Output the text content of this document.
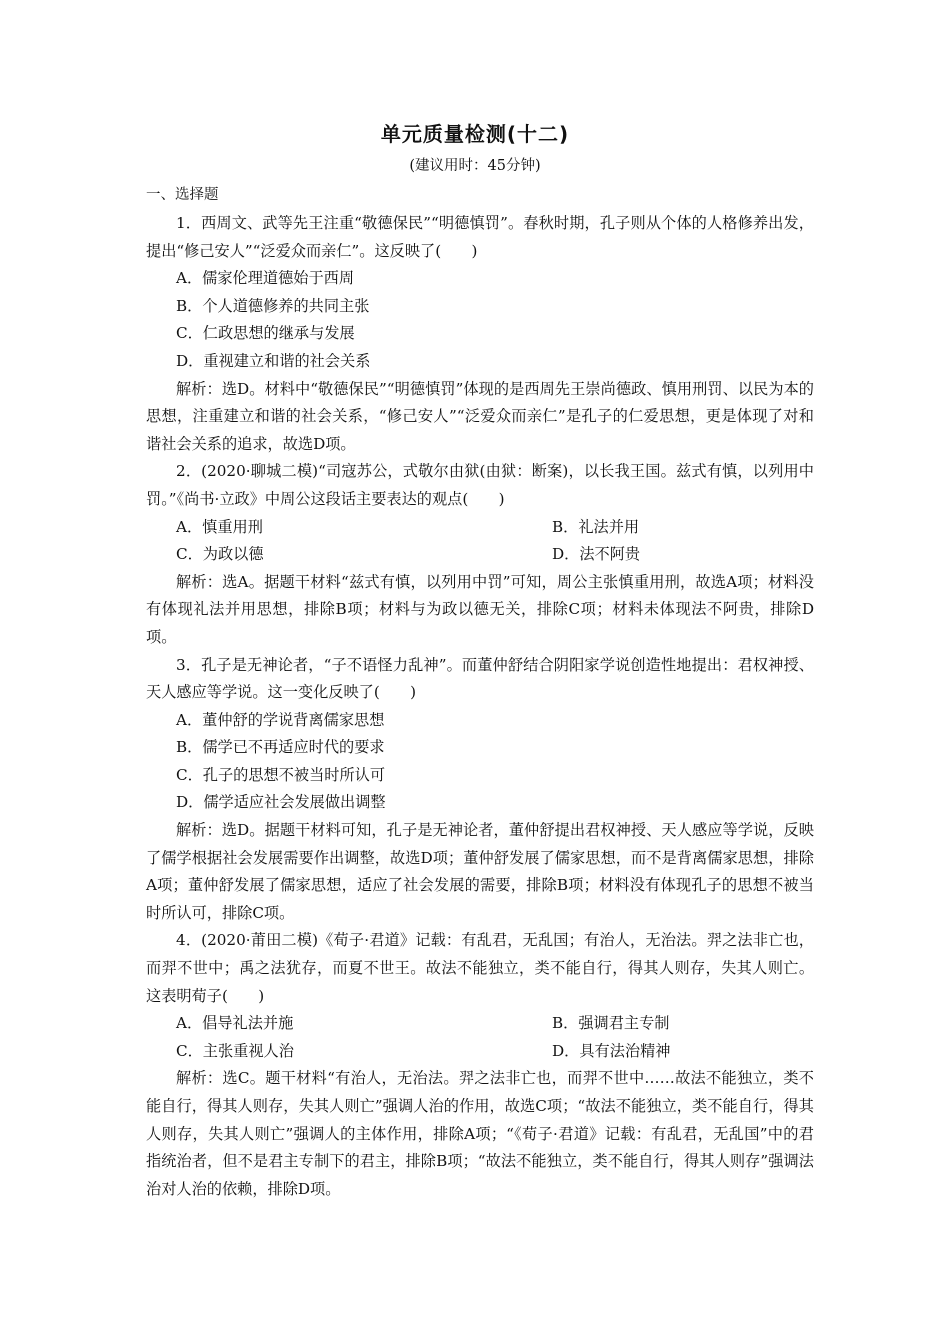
单元质量检测(十二)
(建议用时：45分钟)
一、选择题

1．西周文、武等先王注重“敬德保民”“明德慎罚”。春秋时期，孔子则从个体的人格修养出发，提出“修己安人”“泛爱众而亲仁”。这反映了(　　)

A．儒家伦理道德始于西周

B．个人道德修养的共同主张

C．仁政思想的继承与发展

D．重视建立和谐的社会关系

解析：选D。材料中“敬德保民”“明德慎罚”体现的是西周先王崇尚德政、慎用刑罚、以民为本的思想，注重建立和谐的社会关系，“修己安人”“泛爱众而亲仁”是孔子的仁爱思想，更是体现了对和谐社会关系的追求，故选D项。

2．(2020·聊城二模)“司寇苏公，式敬尔由狱(由狱：断案)，以长我王国。兹式有慎，以列用中罚。”《尚书·立政》中周公这段话主要表达的观点(　　)

A．慎重用刑	B．礼法并用
C．为政以德	D．法不阿贵

解析：选A。据题干材料“兹式有慎，以列用中罚”可知，周公主张慎重用刑，故选A项；材料没有体现礼法并用思想，排除B项；材料与为政以德无关，排除C项；材料未体现法不阿贵，排除D项。

3．孔子是无神论者，“子不语怪力乱神”。而董仲舒结合阴阳家学说创造性地提出：君权神授、天人感应等学说。这一变化反映了(　　)

A．董仲舒的学说背离儒家思想

B．儒学已不再适应时代的要求

C．孔子的思想不被当时所认可

D．儒学适应社会发展做出调整

解析：选D。据题干材料可知，孔子是无神论者，董仲舒提出君权神授、天人感应等学说，反映了儒学根据社会发展需要作出调整，故选D项；董仲舒发展了儒家思想，而不是背离儒家思想，排除A项；董仲舒发展了儒家思想，适应了社会发展的需要，排除B项；材料没有体现孔子的思想不被当时所认可，排除C项。

4．(2020·莆田二模)《荀子·君道》记载：有乱君，无乱国；有治人，无治法。羿之法非亡也，而羿不世中；禹之法犹存，而夏不世王。故法不能独立，类不能自行，得其人则存，失其人则亡。这表明荀子(　　)

A．倡导礼法并施	B．强调君主专制
C．主张重视人治	D．具有法治精神

解析：选C。题干材料“有治人，无治法。羿之法非亡也，而羿不世中……故法不能独立，类不能自行，得其人则存，失其人则亡”强调人治的作用，故选C项；“故法不能独立，类不能自行，得其人则存，失其人则亡”强调人的主体作用，排除A项；“《荀子·君道》记载：有乱君，无乱国”中的君指统治者，但不是君主专制下的君主，排除B项；“故法不能独立，类不能自行，得其人则存”强调法治对人治的依赖，排除D项。
